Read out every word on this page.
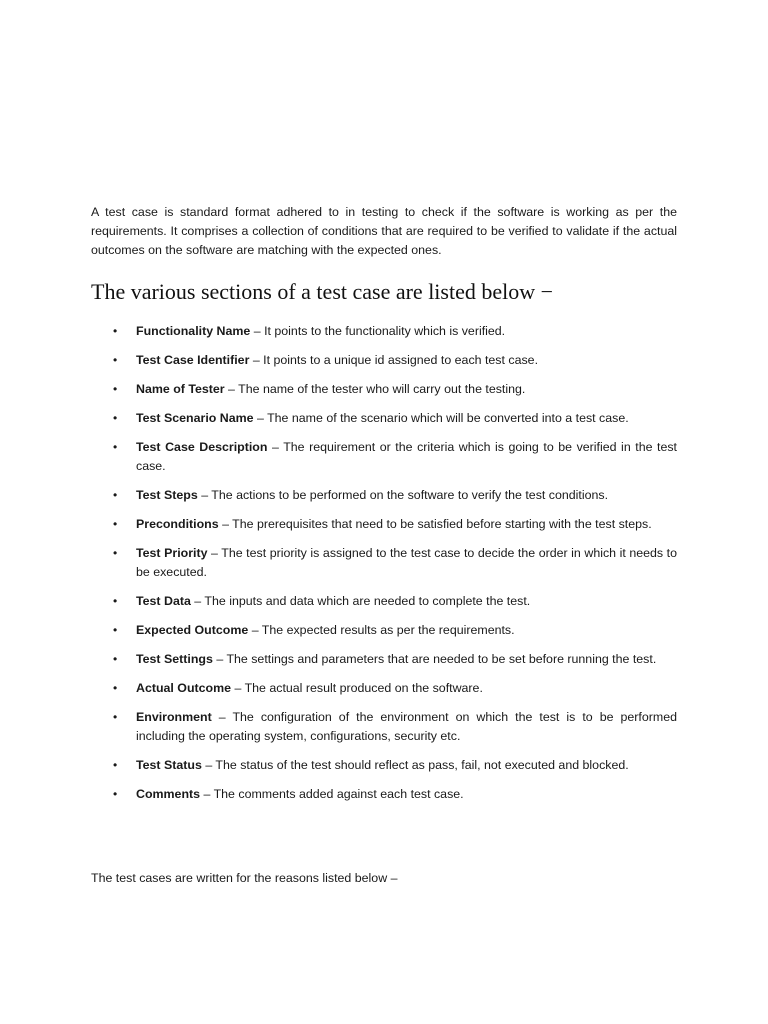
A test case is standard format adhered to in testing to check if the software is working as per the requirements. It comprises a collection of conditions that are required to be verified to validate if the actual outcomes on the software are matching with the expected ones.

The various sections of a test case are listed below −
• Functionality Name – It points to the functionality which is verified.
• Test Case Identifier – It points to a unique id assigned to each test case.
• Name of Tester – The name of the tester who will carry out the testing.
• Test Scenario Name – The name of the scenario which will be converted into a test case.
• Test Case Description – The requirement or the criteria which is going to be verified in the test case.
• Test Steps – The actions to be performed on the software to verify the test conditions.
• Preconditions – The prerequisites that need to be satisfied before starting with the test steps.
• Test Priority – The test priority is assigned to the test case to decide the order in which it needs to be executed.
• Test Data – The inputs and data which are needed to complete the test.
• Expected Outcome – The expected results as per the requirements.
• Test Settings – The settings and parameters that are needed to be set before running the test.
• Actual Outcome – The actual result produced on the software.
• Environment – The configuration of the environment on which the test is to be performed including the operating system, configurations, security etc.
• Test Status – The status of the test should reflect as pass, fail, not executed and blocked.
• Comments – The comments added against each test case.

The test cases are written for the reasons listed below –
